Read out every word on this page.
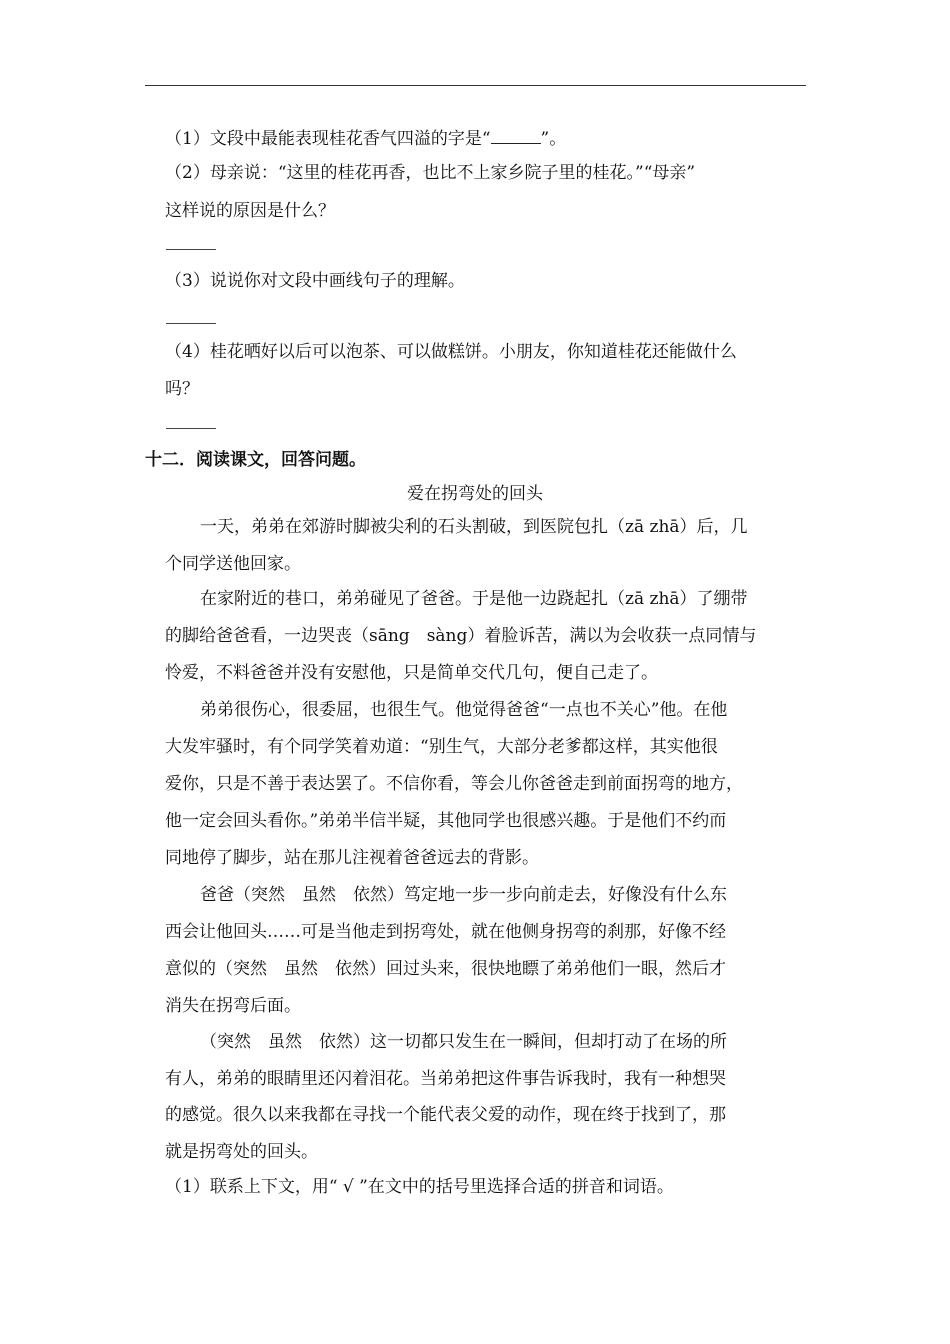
（1）文段中最能表现桂花香气四溢的字是“	”。
（2）母亲说：“这里的桂花再香，也比不上家乡院子里的桂花。”“母亲”
这样说的原因是什么？
（3）说说你对文段中画线句子的理解。
（4）桂花晒好以后可以泡茶、可以做糕饼。小朋友，你知道桂花还能做什么
吗？
十二．阅读课文，回答问题。
爱在拐弯处的回头
一天，弟弟在郊游时脚被尖利的石头割破，到医院包扎（zā zhā）后，几
个同学送他回家。
在家附近的巷口，弟弟碰见了爸爸。于是他一边跷起扎（zā zhā）了绷带
的脚给爸爸看，一边哭丧（sāng　sàng）着脸诉苦，满以为会收获一点同情与
怜爱，不料爸爸并没有安慰他，只是简单交代几句，便自己走了。
弟弟很伤心，很委屈，也很生气。他觉得爸爸“一点也不关心”他。在他
大发牢骚时，有个同学笑着劝道：“别生气，大部分老爹都这样，其实他很
爱你，只是不善于表达罢了。不信你看，等会儿你爸爸走到前面拐弯的地方，
他一定会回头看你。”弟弟半信半疑，其他同学也很感兴趣。于是他们不约而
同地停了脚步，站在那儿注视着爸爸远去的背影。
爸爸（突然　虽然　依然）笃定地一步一步向前走去，好像没有什么东
西会让他回头……可是当他走到拐弯处，就在他侧身拐弯的刹那，好像不经
意似的（突然　虽然　依然）回过头来，很快地瞟了弟弟他们一眼，然后才
消失在拐弯后面。
（突然　虽然　依然）这一切都只发生在一瞬间，但却打动了在场的所
有人，弟弟的眼睛里还闪着泪花。当弟弟把这件事告诉我时，我有一种想哭
的感觉。很久以来我都在寻找一个能代表父爱的动作，现在终于找到了，那
就是拐弯处的回头。
（1）联系上下文，用“ √ ”在文中的括号里选择合适的拼音和词语。
